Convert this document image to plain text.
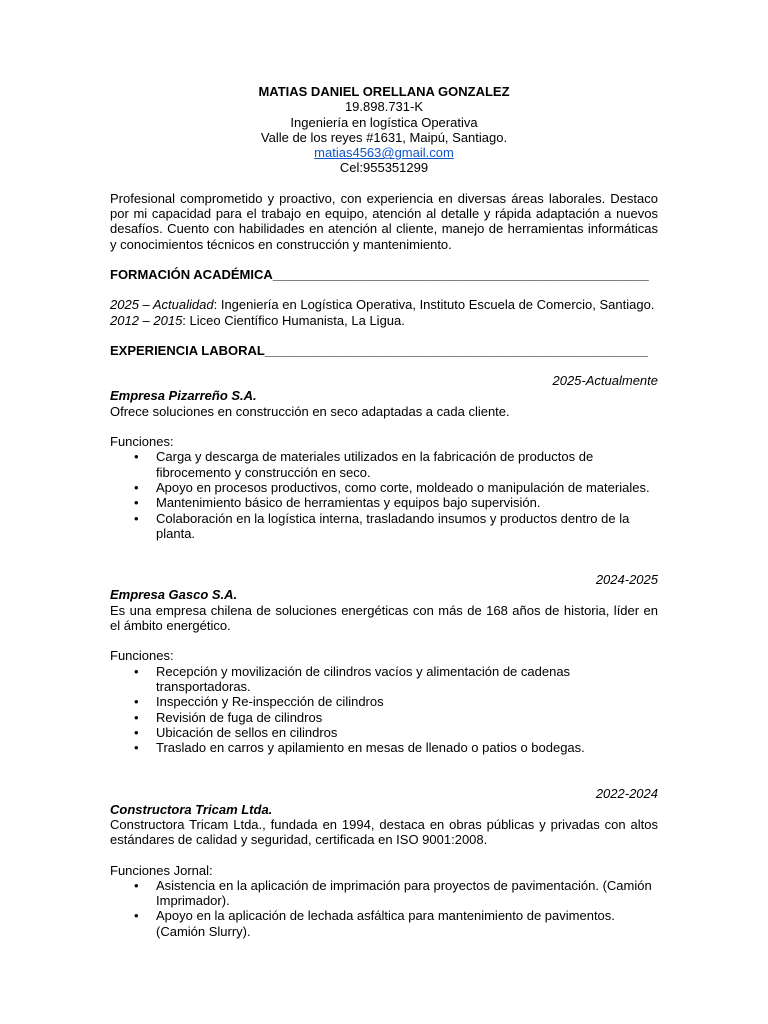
MATIAS DANIEL ORELLANA GONZALEZ
19.898.731-K
Ingeniería en logística Operativa
Valle de los reyes #1631, Maipú, Santiago.
matias4563@gmail.com
Cel:955351299
Profesional comprometido y proactivo, con experiencia en diversas áreas laborales. Destaco por mi capacidad para el trabajo en equipo, atención al detalle y rápida adaptación a nuevos desafíos. Cuento con habilidades en atención al cliente, manejo de herramientas informáticas y conocimientos técnicos en construcción y mantenimiento.
FORMACIÓN ACADÉMICA____________________________________________________
2025 – Actualidad: Ingeniería en Logística Operativa, Instituto Escuela de Comercio, Santiago.
2012 – 2015: Liceo Científico Humanista, La Ligua.
EXPERIENCIA LABORAL_____________________________________________________
2025-Actualmente
Empresa Pizarreño S.A.
Ofrece soluciones en construcción en seco adaptadas a cada cliente.
Funciones:
• Carga y descarga de materiales utilizados en la fabricación de productos de fibrocemento y construcción en seco.
• Apoyo en procesos productivos, como corte, moldeado o manipulación de materiales.
• Mantenimiento básico de herramientas y equipos bajo supervisión.
• Colaboración en la logística interna, trasladando insumos y productos dentro de la planta.
2024-2025
Empresa Gasco S.A.
Es una empresa chilena de soluciones energéticas con más de 168 años de historia, líder en el ámbito energético.
Funciones:
• Recepción y movilización de cilindros vacíos y alimentación de cadenas transportadoras.
• Inspección y Re-inspección de cilindros
• Revisión de fuga de cilindros
• Ubicación de sellos en cilindros
• Traslado en carros y apilamiento en mesas de llenado o patios o bodegas.
2022-2024
Constructora Tricam Ltda.
Constructora Tricam Ltda., fundada en 1994, destaca en obras públicas y privadas con altos estándares de calidad y seguridad, certificada en ISO 9001:2008.
Funciones Jornal:
• Asistencia en la aplicación de imprimación para proyectos de pavimentación. (Camión Imprimador).
• Apoyo en la aplicación de lechada asfáltica para mantenimiento de pavimentos. (Camión Slurry).
